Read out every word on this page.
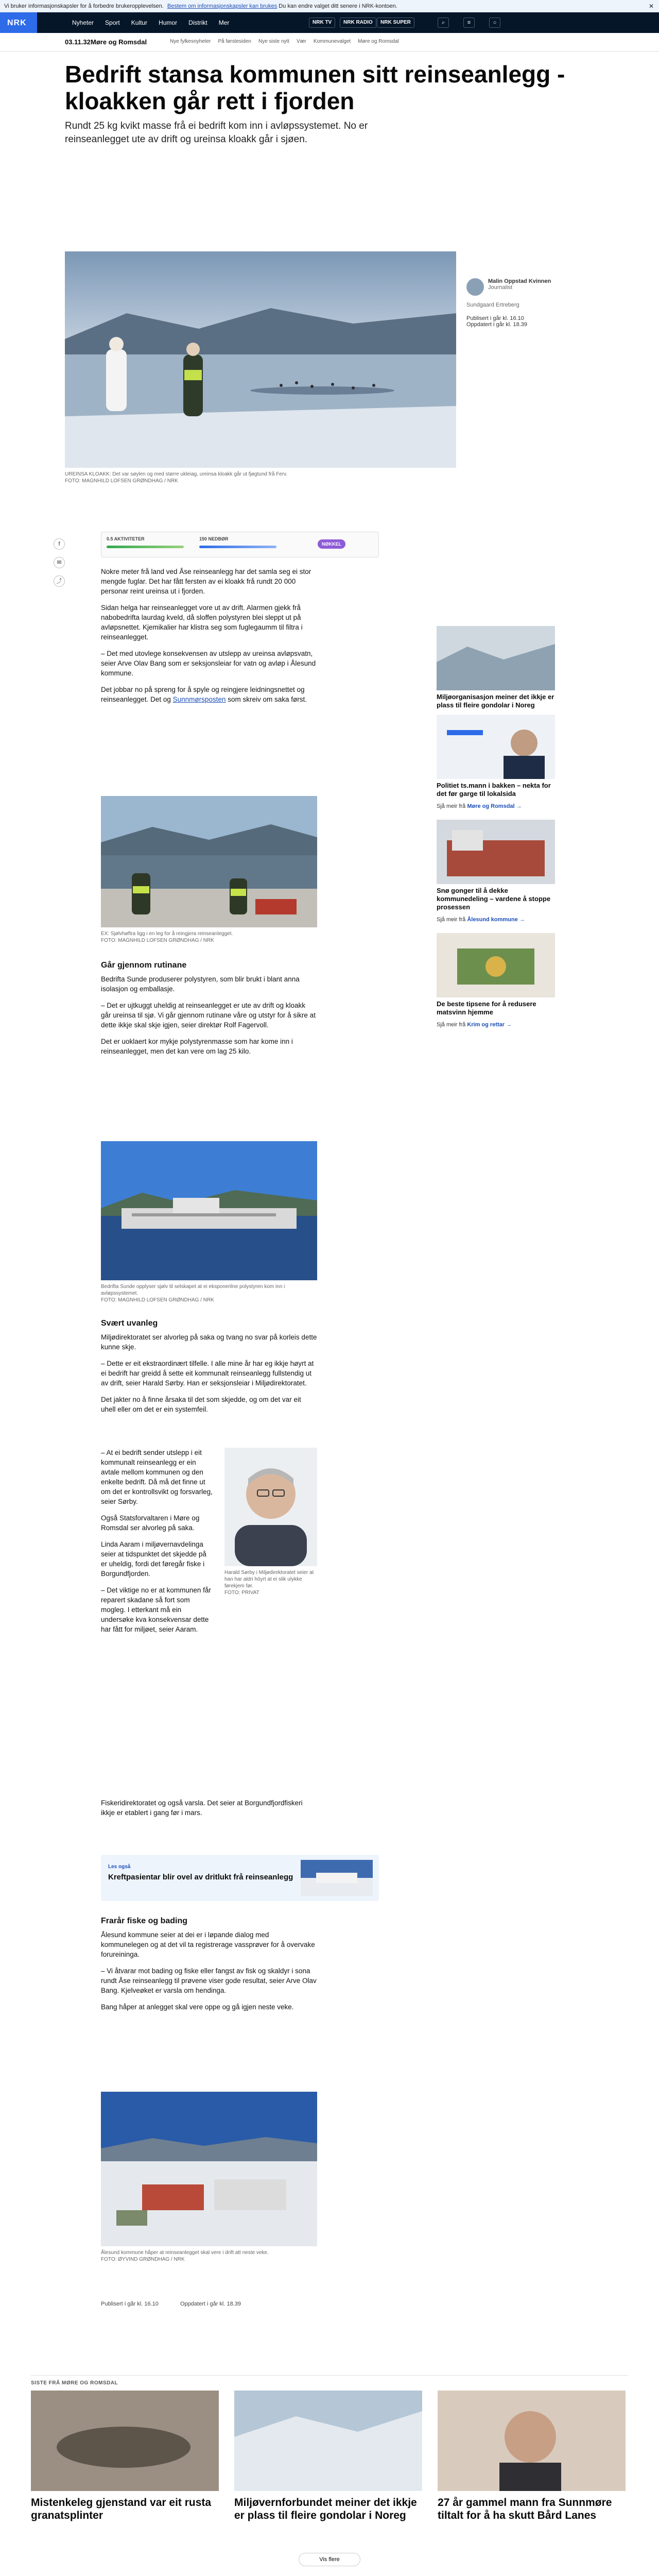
Vi bruker informasjonskapsler for å forbedre brukeropplevelsen. Bestem om informasjonskapsler kan brukes Du kan endre valget ditt senere i NRK-kontoen.	✕
NRK	Nyheter Sport Kultur Humor Distrikt Mer	NRK TV	NRK RADIO	NRK SUPER	⌕	≡	○
03.11.32 Møre og Romsdal	Nye fylkesnyheter På førstesiden Nye siste nytt Vær Kommunevalget Møre og Romsdal
Bedrift stansa kommunen sitt reinseanlegg - kloakken går rett i fjorden

Rundt 25 kg kvikt masse frå ei bedrift kom inn i avløpssystemet. No er reinseanlegget ute av drift og ureinsa kloakk går i sjøen.

UREINSA KLOAKK: Det var søylen og med større ukleiag, ureinsa kloakk går ut fjøgtund frå Ferv.
FOTO: MAGNHILD LOFSEN GRØNDHAG / NRK
Malin Oppstad Kvinnen
Journalist
Sundgaard Ertreberg
Publisert i går kl. 16.10
Oppdatert i går kl. 18.39
f
✉
⤴
0.5 AKTIVITETER	150 NEDBØR
NØKKEL

Nokre meter frå land ved Åse reinseanlegg har det samla seg ei stor mengde fuglar. Det har fått fersten av ei kloakk frå rundt 20 000 personar reint ureinsa ut i fjorden.

Sidan helga har reinseanlegget vore ut av drift. Alarmen gjekk frå nabobedrifta laurdag kveld, då sloffen polystyren blei sleppt ut på avløpsnettet. Kjemikalier har klistra seg som fuglegaumm til filtra i reinseanlegget.

– Det med utovlege konsekvensen av utslepp av ureinsa avløpsvatn, seier Arve Olav Bang som er seksjonsleiar for vatn og avløp i Ålesund kommune.

Det jobbar no på spreng for å spyle og reingjere leidningsnettet og reinseanlegget. Det og Sunnmørsposten som skreiv om saka først.

EX: Sjølvhøftra ligg i en leg for å reingjera reinseanlegget.
FOTO: MAGNHILD LOFSEN GRØNDHAG / NRK
Går gjennom rutinane

Bedrifta Sunde produserer polystyren, som blir brukt i blant anna isolasjon og emballasje.

– Det er ujtkuggt uheldig at reinseanlegget er ute av drift og kloakk går ureinsa til sjø. Vi går gjennom rutinane våre og utstyr for å sikre at dette ikkje skal skje igjen, seier direktør Rolf Fagervoll.

Det er uoklaert kor mykje polystyrenmasse som har kome inn i reinseanlegget, men det kan vere om lag 25 kilo.

Bedrifta Sunde opplyser sjølv til selskapet at ei eksponerilne polystyren kom inn i avløpssystemet.
FOTO: MAGNHILD LOFSEN GRØNDHAG / NRK
Svært uvanleg

Miljødirektoratet ser alvorleg på saka og tvang no svar på korleis dette kunne skje.

– Dette er eit ekstraordinært tilfelle. I alle mine år har eg ikkje høyrt at ei bedrift har greidd å sette eit kommunalt reinseanlegg fullstendig ut av drift, seier Harald Sørby. Han er seksjonsleiar i Miljødirektoratet.

Det jakter no å finne årsaka til det som skjedde, og om det var eit uhell eller om det er ein systemfeil.

– At ei bedrift sender utslepp i eit kommunalt reinseanlegg er ein avtale mellom kommunen og den enkelte bedrift. Då må det finne ut om det er kontrollsvikt og forsvarleg, seier Sørby.

Også Statsforvaltaren i Møre og Romsdal ser alvorleg på saka.

Linda Aaram i miljøvernavdelinga seier at tidspunktet det skjedde på er uheldig, fordi det føregår fiske i Borgundfjorden.

– Det viktige no er at kommunen får reparert skadane så fort som mogleg. I etterkant må ein undersøke kva konsekvensar dette har fått for miljøet, seier Aaram.

Harald Sørby i Miljødirektoratet seier at han har aldri höyrt at ei slik ulykke førekjem før.
FOTO: PRIVAT

Fiskeridirektoratet og også varsla. Det seier at Borgundfjordfiskeri ikkje er etablert i gang før i mars.

Les også
Kreftpasientar blir ovel av dritlukt frå reinseanlegg
Frarår fiske og bading

Ålesund kommune seier at dei er i løpande dialog med kommunelegen og at det vil ta registrerage vassprøver for å overvake forureininga.

– Vi åtvarar mot bading og fiske eller fangst av fisk og skaldyr i sona rundt Åse reinseanlegg til prøvene viser gode resultat, seier Arve Olav Bang. Kjelveøket er varsla om hendinga.

Bang håper at anlegget skal vere oppe og gå igjen neste veke.

Ålesund kommune håper at reinseanlegget skal vere i drift att neste veke.
FOTO: ØYVIND GRØNDHAG / NRK
Publisert i går kl. 16.10	Oppdatert i går kl. 18.39
Miljøorganisasjon meiner det ikkje er plass til fleire gondolar i Noreg
Politiet ts.mann i bakken – nekta for det før garge til lokalsida
Sjå meir frå Møre og Romsdal →
Snø gonger til å dekke kommunedeling – vardene å stoppe prosessen
Sjå meir frå Ålesund kommune →
De beste tipsene for å redusere matsvinn hjemme
Sjå meir frå Krim og rettar →
SISTE FRÅ MØRE OG ROMSDAL
Mistenkeleg gjenstand var eit rusta granatsplinter
Miljøvernforbundet meiner det ikkje er plass til fleire gondolar i Noreg
27 år gammel mann fra Sunnmøre tiltalt for å ha skutt Bård Lanes
Vis flere
